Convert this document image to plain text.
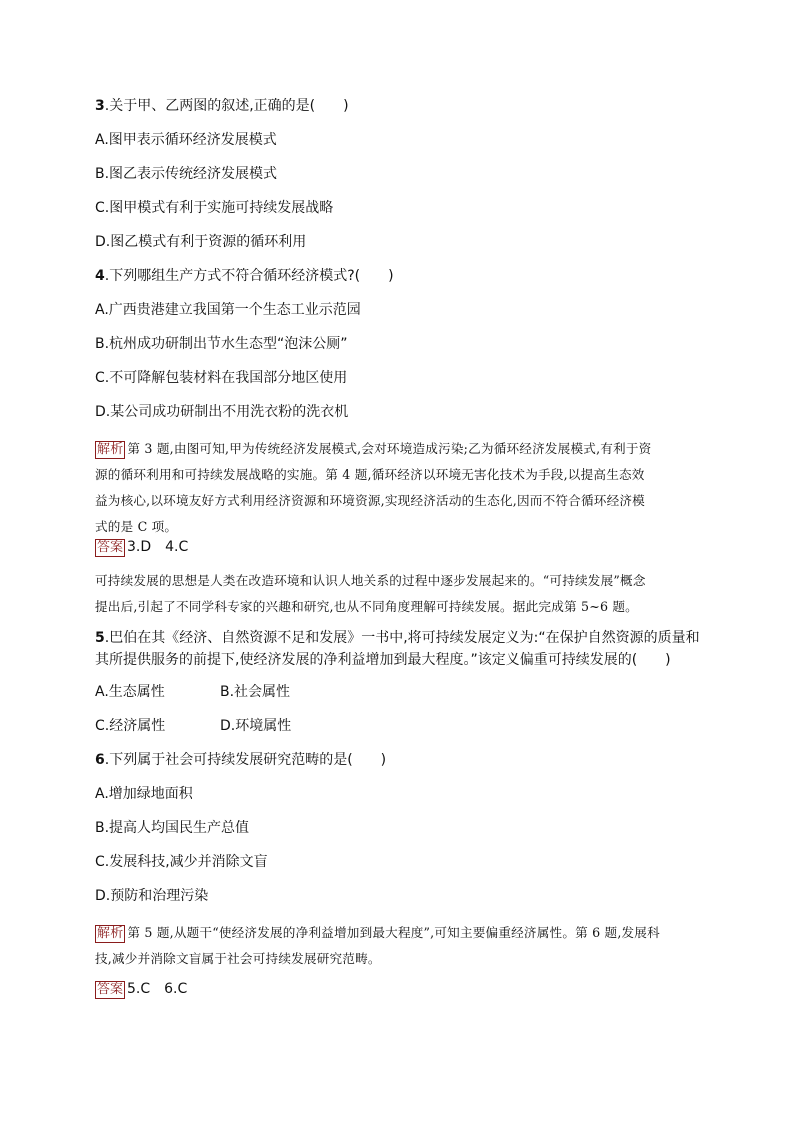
3.关于甲、乙两图的叙述,正确的是(　　)
A.图甲表示循环经济发展模式
B.图乙表示传统经济发展模式
C.图甲模式有利于实施可持续发展战略
D.图乙模式有利于资源的循环利用
4.下列哪组生产方式不符合循环经济模式?(　　)
A.广西贵港建立我国第一个生态工业示范园
B.杭州成功研制出节水生态型“泡沫公厕”
C.不可降解包装材料在我国部分地区使用
D.某公司成功研制出不用洗衣粉的洗衣机
解析 第 3 题,由图可知,甲为传统经济发展模式,会对环境造成污染;乙为循环经济发展模式,有利于资
源的循环利用和可持续发展战略的实施。第 4 题,循环经济以环境无害化技术为手段,以提高生态效
益为核心,以环境友好方式利用经济资源和环境资源,实现经济活动的生态化,因而不符合循环经济模
式的是 C 项。
答案 3.D　4.C
可持续发展的思想是人类在改造环境和认识人地关系的过程中逐步发展起来的。“可持续发展”概念
提出后,引起了不同学科专家的兴趣和研究,也从不同角度理解可持续发展。据此完成第 5~6 题。
5.巴伯在其《经济、自然资源不足和发展》一书中,将可持续发展定义为:“在保护自然资源的质量和
其所提供服务的前提下,使经济发展的净利益增加到最大程度。”该定义偏重可持续发展的(　　)
A.生态属性	B.社会属性
C.经济属性	D.环境属性
6.下列属于社会可持续发展研究范畴的是(　　)
A.增加绿地面积
B.提高人均国民生产总值
C.发展科技,减少并消除文盲
D.预防和治理污染
解析 第 5 题,从题干“使经济发展的净利益增加到最大程度”,可知主要偏重经济属性。第 6 题,发展科
技,减少并消除文盲属于社会可持续发展研究范畴。
答案 5.C　6.C
